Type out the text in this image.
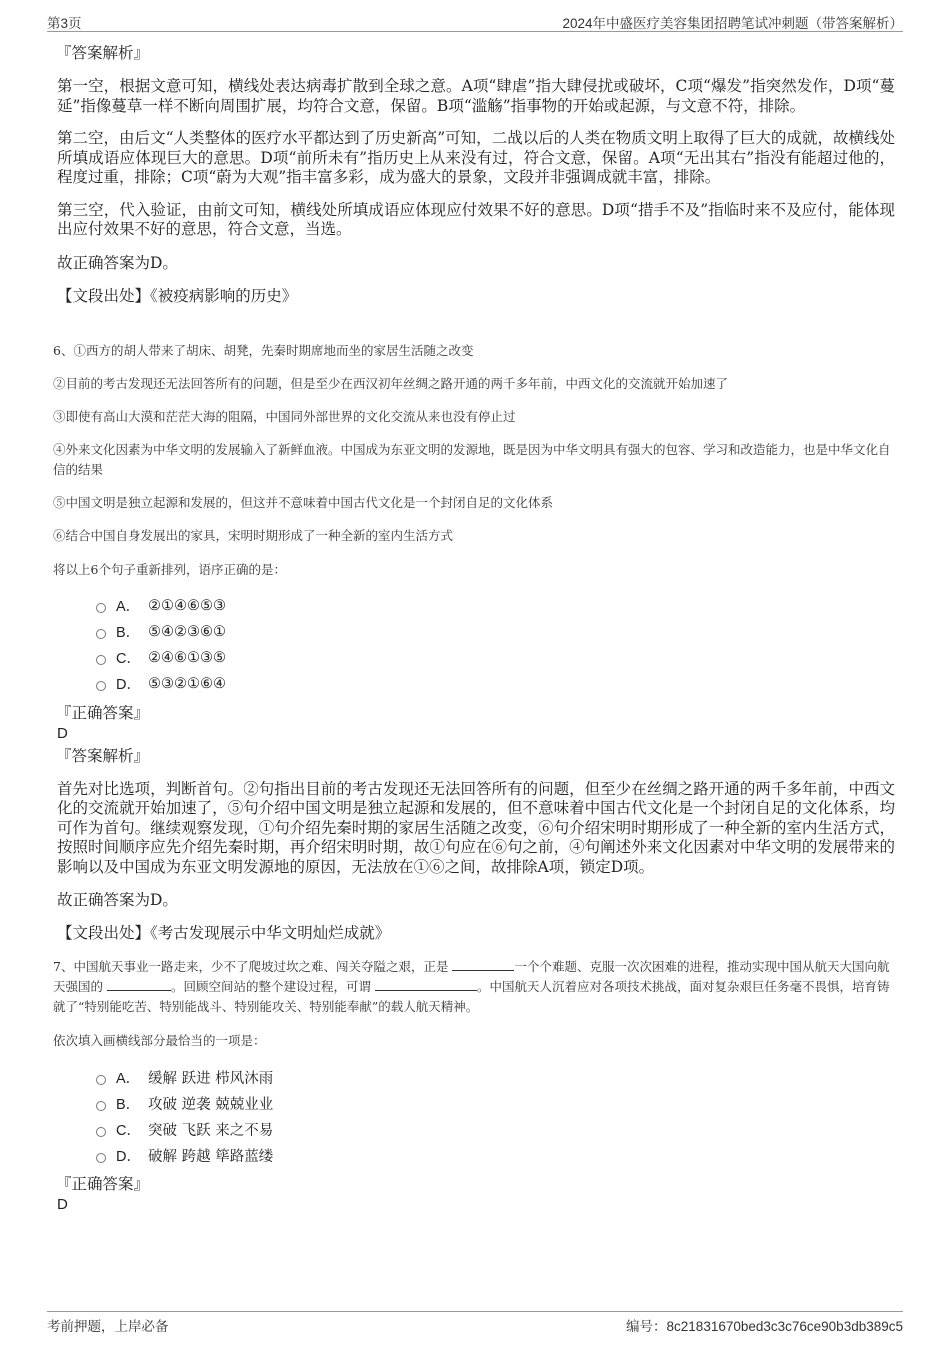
第3页	2024年中盛医疗美容集团招聘笔试冲刺题（带答案解析）
『答案解析』

第一空，根据文意可知，横线处表达病毒扩散到全球之意。A项“肆虐”指大肆侵扰或破坏，C项“爆发”指突然发作，D项“蔓延”指像蔓草一样不断向周围扩展，均符合文意，保留。B项“滥觞”指事物的开始或起源，与文意不符，排除。

第二空，由后文“人类整体的医疗水平都达到了历史新高”可知，二战以后的人类在物质文明上取得了巨大的成就，故横线处所填成语应体现巨大的意思。D项“前所未有”指历史上从来没有过，符合文意，保留。A项“无出其右”指没有能超过他的，程度过重，排除；C项“蔚为大观”指丰富多彩，成为盛大的景象，文段并非强调成就丰富，排除。

第三空，代入验证，由前文可知，横线处所填成语应体现应付效果不好的意思。D项“措手不及”指临时来不及应付，能体现出应付效果不好的意思，符合文意，当选。

故正确答案为D。

【文段出处】《被疫病影响的历史》

6、①西方的胡人带来了胡床、胡凳，先秦时期席地而坐的家居生活随之改变

②目前的考古发现还无法回答所有的问题，但是至少在西汉初年丝绸之路开通的两千多年前，中西文化的交流就开始加速了

③即使有高山大漠和茫茫大海的阻隔，中国同外部世界的文化交流从来也没有停止过

④外来文化因素为中华文明的发展输入了新鲜血液。中国成为东亚文明的发源地，既是因为中华文明具有强大的包容、学习和改造能力，也是中华文化自信的结果

⑤中国文明是独立起源和发展的，但这并不意味着中国古代文化是一个封闭自足的文化体系

⑥结合中国自身发展出的家具，宋明时期形成了一种全新的室内生活方式

将以上6个句子重新排列，语序正确的是：

A． ②①④⑥⑤③
B． ⑤④②③⑥①
C． ②④⑥①③⑤
D． ⑤③②①⑥④
『正确答案』
D
『答案解析』

首先对比选项，判断首句。②句指出目前的考古发现还无法回答所有的问题，但至少在丝绸之路开通的两千多年前，中西文化的交流就开始加速了，⑤句介绍中国文明是独立起源和发展的，但不意味着中国古代文化是一个封闭自足的文化体系，均可作为首句。继续观察发现，①句介绍先秦时期的家居生活随之改变，⑥句介绍宋明时期形成了一种全新的室内生活方式，按照时间顺序应先介绍先秦时期，再介绍宋明时期，故①句应在⑥句之前，④句阐述外来文化因素对中华文明的发展带来的影响以及中国成为东亚文明发源地的原因，无法放在①⑥之间，故排除A项，锁定D项。

故正确答案为D。

【文段出处】《考古发现展示中华文明灿烂成就》

7、中国航天事业一路走来，少不了爬坡过坎之难、闯关夺隘之艰，正是	一个个难题、克服一次次困难的进程，推动实现中国从航天大国向航天强国的	。回顾空间站的整个建设过程，可谓	。中国航天人沉着应对各项技术挑战，面对复杂艰巨任务毫不畏惧，培育铸就了“特别能吃苦、特别能战斗、特别能攻关、特别能奉献”的载人航天精神。

依次填入画横线部分最恰当的一项是：

A． 缓解 跃进 栉风沐雨
B． 攻破 逆袭 兢兢业业
C． 突破 飞跃 来之不易
D． 破解 跨越 筚路蓝缕
『正确答案』
D
考前押题，上岸必备	编号：8c21831670bed3c3c76ce90b3db389c5
